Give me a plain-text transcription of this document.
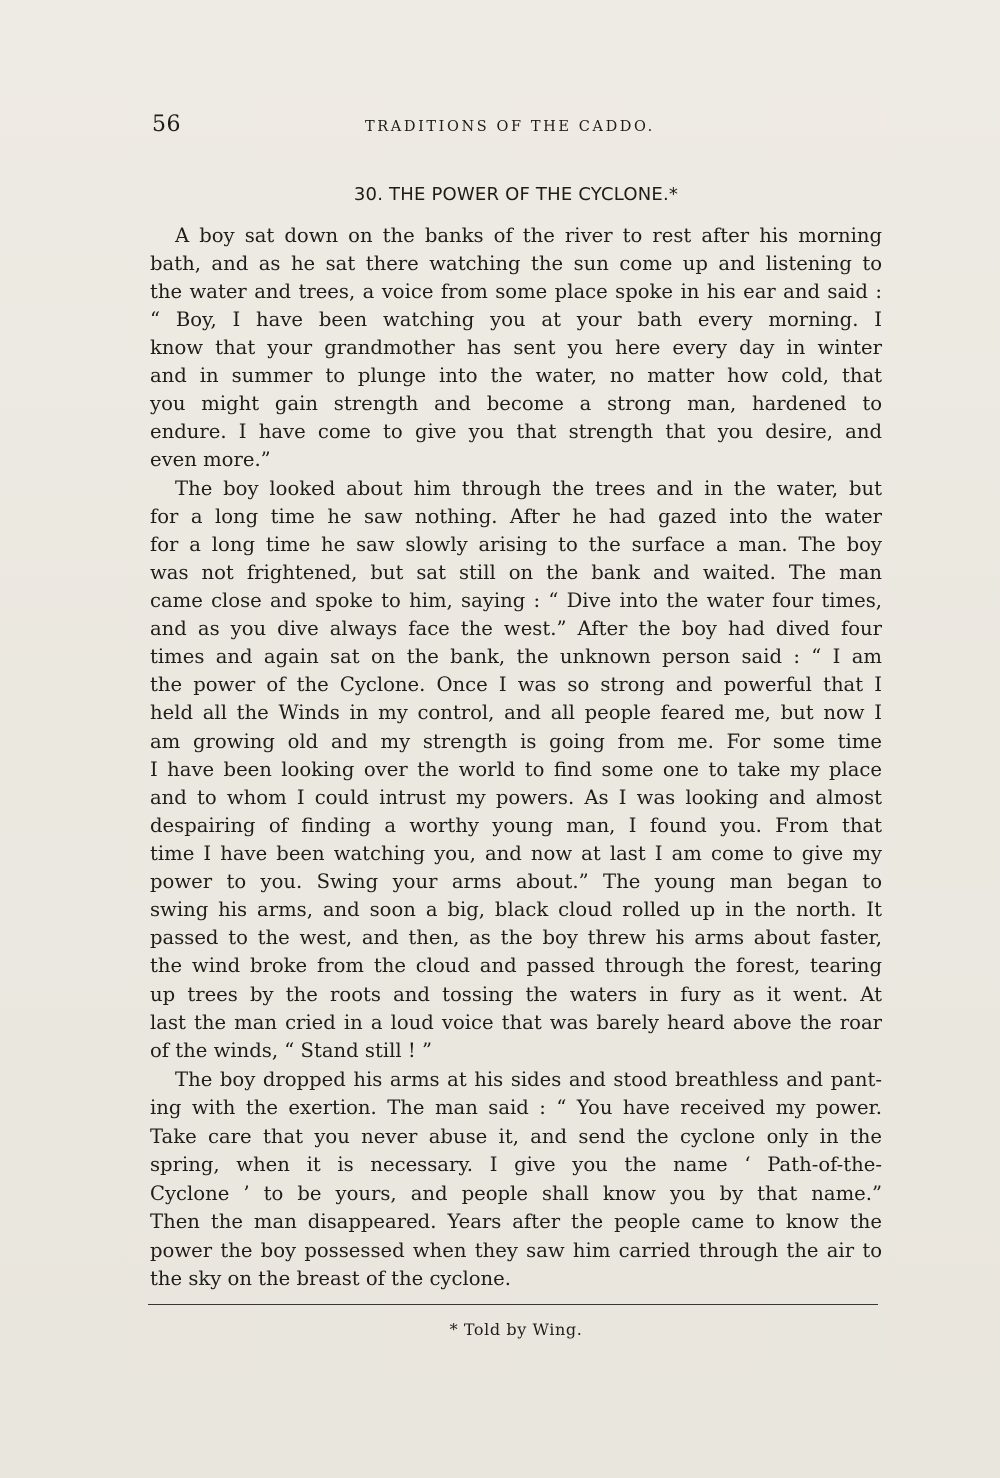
56	TRADITIONS OF THE CADDO.
30. THE POWER OF THE CYCLONE.*
A boy sat down on the banks of the river to rest after his morning
bath, and as he sat there watching the sun come up and listening to
the water and trees, a voice from some place spoke in his ear and said :
“ Boy, I have been watching you at your bath every morning. I
know that your grandmother has sent you here every day in winter
and in summer to plunge into the water, no matter how cold, that
you might gain strength and become a strong man, hardened to
endure. I have come to give you that strength that you desire, and
even more.”
The boy looked about him through the trees and in the water, but
for a long time he saw nothing. After he had gazed into the water
for a long time he saw slowly arising to the surface a man. The boy
was not frightened, but sat still on the bank and waited. The man
came close and spoke to him, saying : “ Dive into the water four times,
and as you dive always face the west.” After the boy had dived four
times and again sat on the bank, the unknown person said : “ I am
the power of the Cyclone. Once I was so strong and powerful that I
held all the Winds in my control, and all people feared me, but now I
am growing old and my strength is going from me. For some time
I have been looking over the world to find some one to take my place
and to whom I could intrust my powers. As I was looking and almost
despairing of finding a worthy young man, I found you. From that
time I have been watching you, and now at last I am come to give my
power to you. Swing your arms about.” The young man began to
swing his arms, and soon a big, black cloud rolled up in the north. It
passed to the west, and then, as the boy threw his arms about faster,
the wind broke from the cloud and passed through the forest, tearing
up trees by the roots and tossing the waters in fury as it went. At
last the man cried in a loud voice that was barely heard above the roar
of the winds, “ Stand still ! ”
The boy dropped his arms at his sides and stood breathless and pant-
ing with the exertion. The man said : “ You have received my power.
Take care that you never abuse it, and send the cyclone only in the
spring, when it is necessary. I give you the name ‘ Path-of-the-
Cyclone ’ to be yours, and people shall know you by that name.”
Then the man disappeared. Years after the people came to know the
power the boy possessed when they saw him carried through the air to
the sky on the breast of the cyclone.
* Told by Wing.
